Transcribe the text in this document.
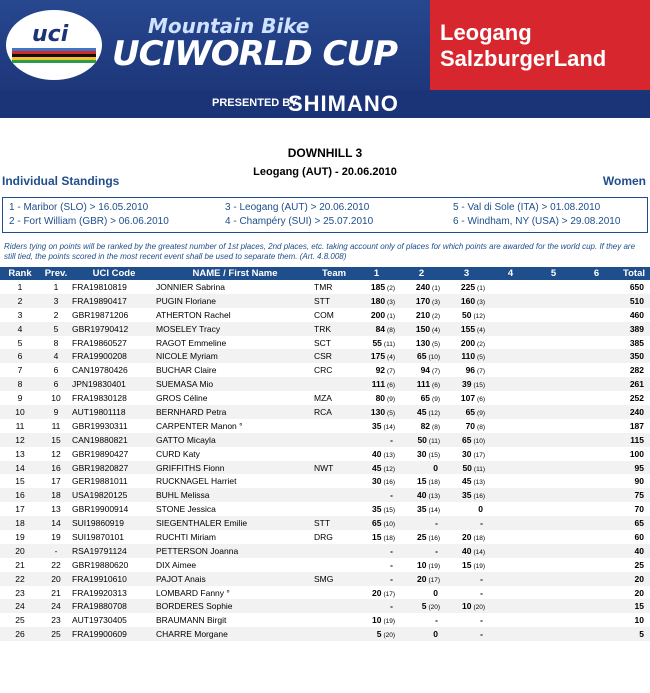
uci	Mountain Bike
UCIWORLD CUP
Leogang
SalzburgerLand
PRESENTED BY
SHIMANO
DOWNHILL 3
Leogang (AUT) - 20.06.2010
Individual Standings	Women
1 - Maribor (SLO) > 16.05.2010
2 - Fort William (GBR) > 06.06.2010
3 - Leogang (AUT) > 20.06.2010
4 - Champéry (SUI) > 25.07.2010
5 - Val di Sole (ITA) > 01.08.2010
6 - Windham, NY (USA) > 29.08.2010
Riders tying on points will be ranked by the greatest number of 1st places, 2nd places, etc. taking account only of places for which points are awarded for the world cup. If they are still tied, the points scored in the most recent event shall be used to separate them. (Art. 4.8.008)
Rank	Prev.	UCI Code	NAME / First Name	Team	1	2	3	4	5	6	Total
1	1	FRA19810819	JONNIER Sabrina	TMR	185 (2)	240 (1)	225 (1)				650
2	3	FRA19890417	PUGIN Floriane	STT	180 (3)	170 (3)	160 (3)				510
3	2	GBR19871206	ATHERTON Rachel	COM	200 (1)	210 (2)	50 (12)				460
4	5	GBR19790412	MOSELEY Tracy	TRK	84 (8)	150 (4)	155 (4)				389
5	8	FRA19860527	RAGOT Emmeline	SCT	55 (11)	130 (5)	200 (2)				385
6	4	FRA19900208	NICOLE Myriam	CSR	175 (4)	65 (10)	110 (5)				350
7	6	CAN19780426	BUCHAR Claire	CRC	92 (7)	94 (7)	96 (7)				282
8	6	JPN19830401	SUEMASA Mio		111 (6)	111 (6)	39 (15)				261
9	10	FRA19830128	GROS Céline	MZA	80 (9)	65 (9)	107 (6)				252
10	9	AUT19801118	BERNHARD Petra	RCA	130 (5)	45 (12)	65 (9)				240
11	11	GBR19930311	CARPENTER Manon °		35 (14)	82 (8)	70 (8)				187
12	15	CAN19880821	GATTO Micayla		-	50 (11)	65 (10)				115
13	12	GBR19890427	CURD Katy		40 (13)	30 (15)	30 (17)				100
14	16	GBR19820827	GRIFFITHS Fionn	NWT	45 (12)	0	50 (11)				95
15	17	GER19881011	RUCKNAGEL Harriet		30 (16)	15 (18)	45 (13)				90
16	18	USA19820125	BUHL Melissa		-	40 (13)	35 (16)				75
17	13	GBR19900914	STONE Jessica		35 (15)	35 (14)	0				70
18	14	SUI19860919	SIEGENTHALER Emilie	STT	65 (10)	-	-				65
19	19	SUI19870101	RUCHTI Miriam	DRG	15 (18)	25 (16)	20 (18)				60
20	-	RSA19791124	PETTERSON Joanna		-	-	40 (14)				40
21	22	GBR19880620	DIX Aimee		-	10 (19)	15 (19)				25
22	20	FRA19910610	PAJOT Anais	SMG	-	20 (17)	-				20
23	21	FRA19920313	LOMBARD Fanny °		20 (17)	0	-				20
24	24	FRA19880708	BORDERES Sophie		-	5 (20)	10 (20)				15
25	23	AUT19730405	BRAUMANN Birgit		10 (19)	-	-				10
26	25	FRA19900609	CHARRE Morgane		5 (20)	0	-				5
